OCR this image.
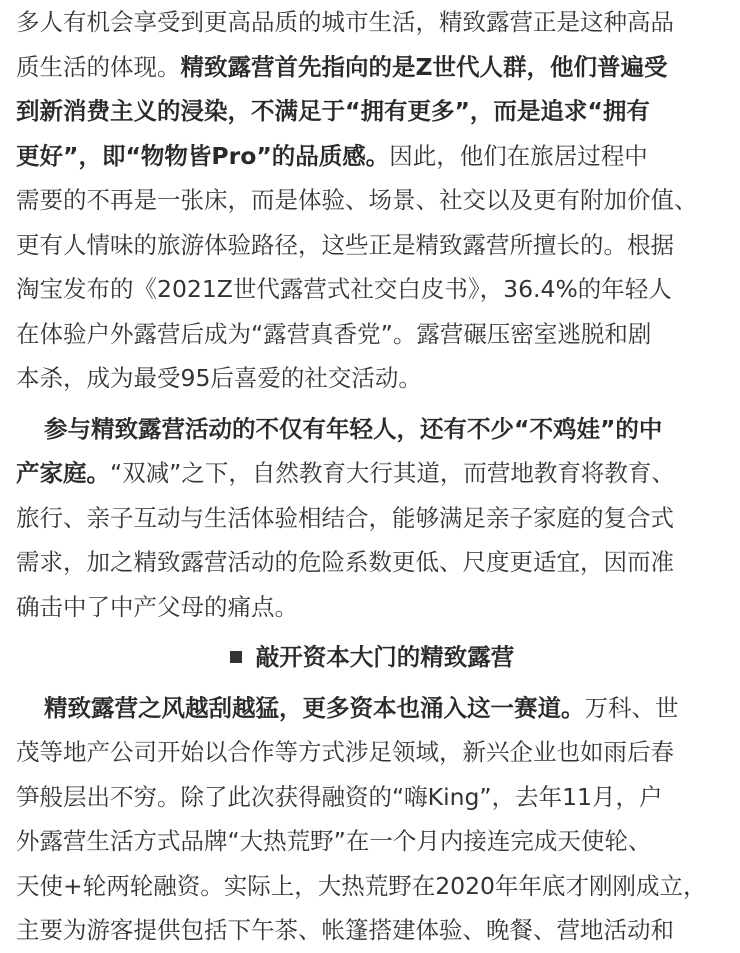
多人有机会享受到更高品质的城市生活，精致露营正是这种高品
质生活的体现。精致露营首先指向的是Z世代人群，他们普遍受
到新消费主义的浸染，不满足于“拥有更多”，而是追求“拥有
更好”，即“物物皆Pro”的品质感。因此，他们在旅居过程中
需要的不再是一张床，而是体验、场景、社交以及更有附加价值、
更有人情味的旅游体验路径，这些正是精致露营所擅长的。根据
淘宝发布的《2021Z世代露营式社交白皮书》，36.4%的年轻人
在体验户外露营后成为“露营真香党”。露营碾压密室逃脱和剧
本杀，成为最受95后喜爱的社交活动。
参与精致露营活动的不仅有年轻人，还有不少“不鸡娃”的中
产家庭。“双减”之下，自然教育大行其道，而营地教育将教育、
旅行、亲子互动与生活体验相结合，能够满足亲子家庭的复合式
需求，加之精致露营活动的危险系数更低、尺度更适宜，因而准
确击中了中产父母的痛点。
敲开资本大门的精致露营
精致露营之风越刮越猛，更多资本也涌入这一赛道。万科、世
茂等地产公司开始以合作等方式涉足领域，新兴企业也如雨后春
笋般层出不穷。除了此次获得融资的“嗨King”，去年11月，户
外露营生活方式品牌“大热荒野”在一个月内接连完成天使轮、
天使+轮两轮融资。实际上，大热荒野在2020年年底才刚刚成立，
主要为游客提供包括下午茶、帐篷搭建体验、晚餐、营地活动和
